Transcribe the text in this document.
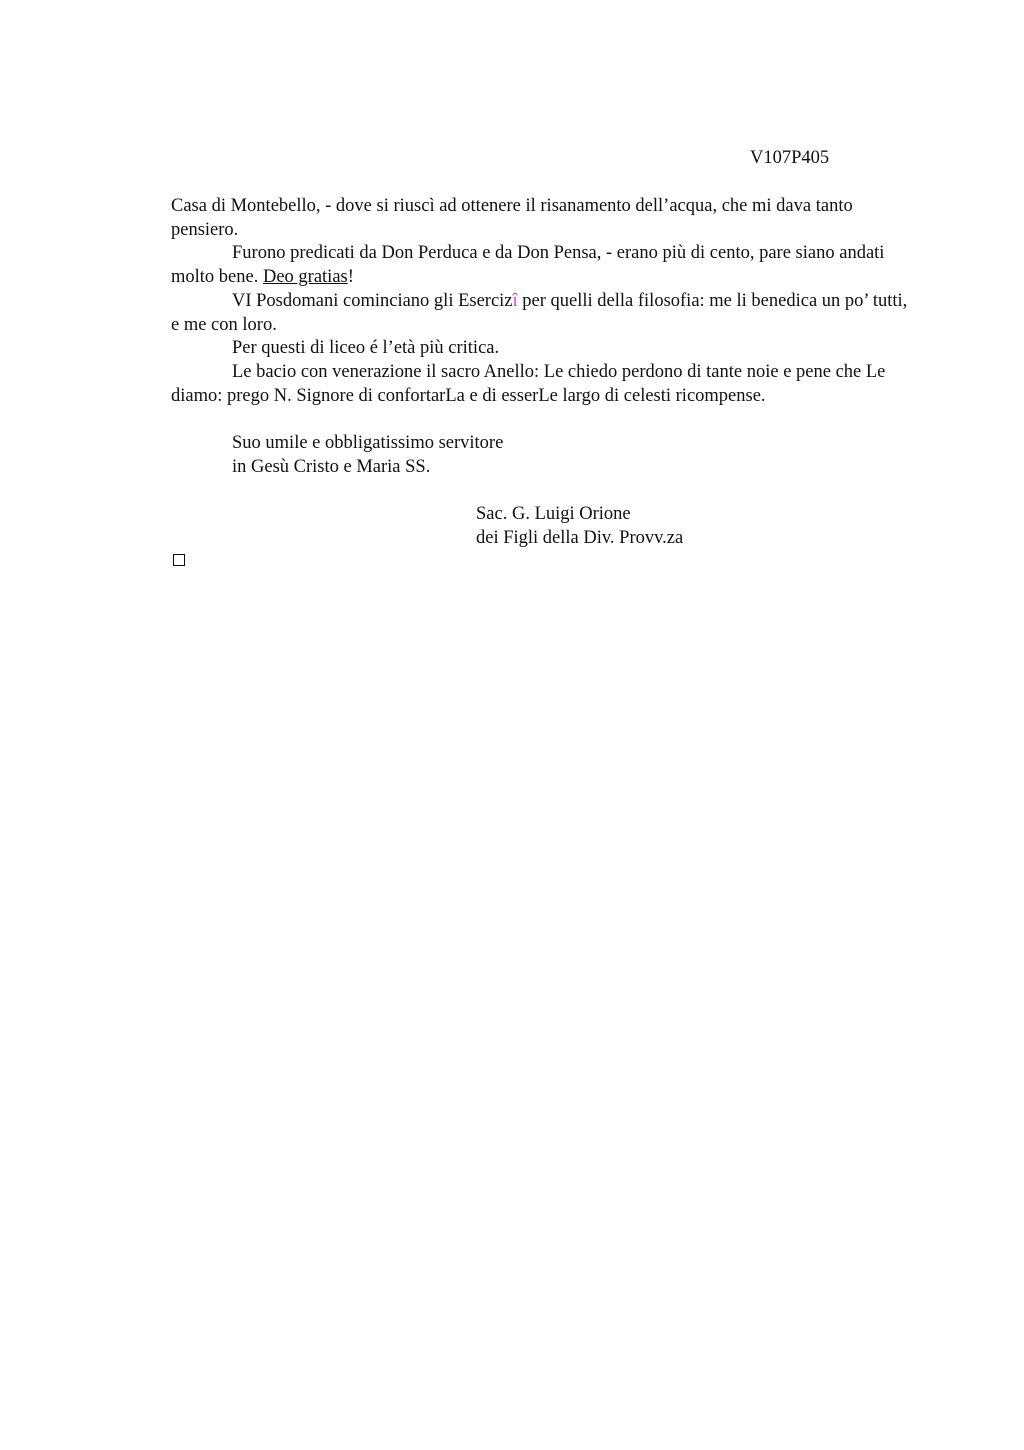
V107P405

Casa di Montebello, - dove si riuscì ad ottenere il risanamento dell’acqua, che mi dava tanto pensiero.

Furono predicati da Don Perduca e da Don Pensa, - erano più di cento, pare siano andati molto bene. Deo gratias!

VI Posdomani cominciano gli Esercizî per quelli della filosofia: me li benedica un po’ tutti, e me con loro.

Per questi di liceo é l’età più critica.

Le bacio con venerazione il sacro Anello: Le chiedo perdono di tante noie e pene che Le diamo: prego N. Signore di confortarLa e di esserLe largo di celesti ricompense.

Suo umile e obbligatissimo servitore
in Gesù Cristo e Maria SS.
Sac. G. Luigi Orione
dei Figli della Div. Provv.za
